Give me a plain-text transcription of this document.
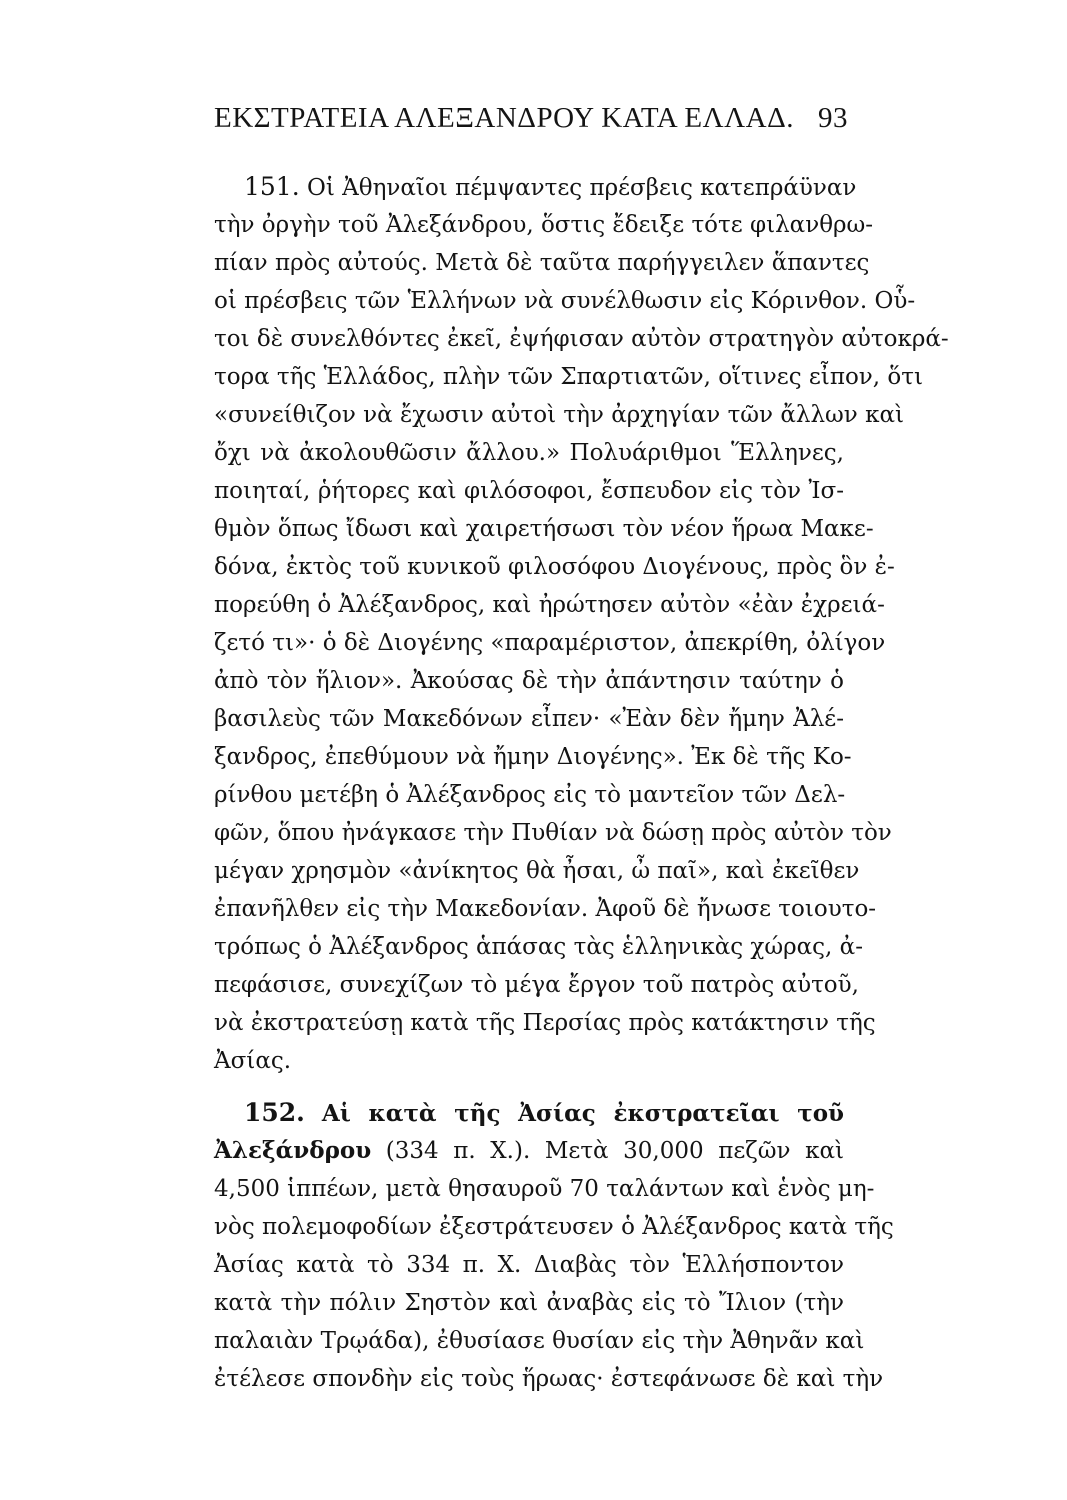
ΕΚΣΤΡΑΤΕΙΑ ΑΛΕΞΑΝΔΡΟΥ ΚΑΤΑ ΕΛΛΑΔ. 93
151. Οἱ Ἀθηναῖοι πέμψαντες πρέσβεις κατεπράϋναν
τὴν ὀργὴν τοῦ Ἀλεξάνδρου, ὅστις ἔδειξε τότε φιλανθρω-
πίαν πρὸς αὐτούς. Μετὰ δὲ ταῦτα παρήγγειλεν ἅπαντες
οἱ πρέσβεις τῶν Ἑλλήνων νὰ συνέλθωσιν εἰς Κόρινθον. Οὗ-
τοι δὲ συνελθόντες ἐκεῖ, ἐψήφισαν αὐτὸν στρατηγὸν αὐτοκρά-
τορα τῆς Ἑλλάδος, πλὴν τῶν Σπαρτιατῶν, οἵτινες εἶπον, ὅτι
«συνείθιζον νὰ ἔχωσιν αὐτοὶ τὴν ἀρχηγίαν τῶν ἄλλων καὶ
ὄχι νὰ ἀκολουθῶσιν ἄλλου.» Πολυάριθμοι Ἕλληνες,
ποιηταί, ῥήτορες καὶ φιλόσοφοι, ἔσπευδον εἰς τὸν Ἰσ-
θμὸν ὅπως ἴδωσι καὶ χαιρετήσωσι τὸν νέον ἥρωα Μακε-
δόνα, ἐκτὸς τοῦ κυνικοῦ φιλοσόφου Διογένους, πρὸς ὃν ἐ-
πορεύθη ὁ Ἀλέξανδρος, καὶ ἠρώτησεν αὐτὸν «ἐὰν ἐχρειά-
ζετό τι»· ὁ δὲ Διογένης «παραμέριστον, ἀπεκρίθη, ὀλίγον
ἀπὸ τὸν ἥλιον». Ἀκούσας δὲ τὴν ἀπάντησιν ταύτην ὁ
βασιλεὺς τῶν Μακεδόνων εἶπεν· «Ἐὰν δὲν ἤμην Ἀλέ-
ξανδρος, ἐπεθύμουν νὰ ἤμην Διογένης». Ἐκ δὲ τῆς Κο-
ρίνθου μετέβη ὁ Ἀλέξανδρος εἰς τὸ μαντεῖον τῶν Δελ-
φῶν, ὅπου ἠνάγκασε τὴν Πυθίαν νὰ δώσῃ πρὸς αὐτὸν τὸν
μέγαν χρησμὸν «ἀνίκητος θὰ ἦσαι, ὦ παῖ», καὶ ἐκεῖθεν
ἐπανῆλθεν εἰς τὴν Μακεδονίαν. Ἀφοῦ δὲ ἤνωσε τοιουτο-
τρόπως ὁ Ἀλέξανδρος ἁπάσας τὰς ἑλληνικὰς χώρας, ἀ-
πεφάσισε, συνεχίζων τὸ μέγα ἔργον τοῦ πατρὸς αὐτοῦ,
νὰ ἐκστρατεύσῃ κατὰ τῆς Περσίας πρὸς κατάκτησιν τῆς
Ἀσίας.
152. Αἱ κατὰ τῆς Ἀσίας ἐκστρατεῖαι τοῦ
Ἀλεξάνδρου (334 π. Χ.). Μετὰ 30,000 πεζῶν καὶ
4,500 ἱππέων, μετὰ θησαυροῦ 70 ταλάντων καὶ ἑνὸς μη-
νὸς πολεμοφοδίων ἐξεστράτευσεν ὁ Ἀλέξανδρος κατὰ τῆς
Ἀσίας κατὰ τὸ 334 π. Χ. Διαβὰς τὸν Ἑλλήσποντον
κατὰ τὴν πόλιν Σηστὸν καὶ ἀναβὰς εἰς τὸ Ἴλιον (τὴν
παλαιὰν Τρῳάδα), ἐθυσίασε θυσίαν εἰς τὴν Ἀθηνᾶν καὶ
ἐτέλεσε σπονδὴν εἰς τοὺς ἥρωας· ἐστεφάνωσε δὲ καὶ τὴν
